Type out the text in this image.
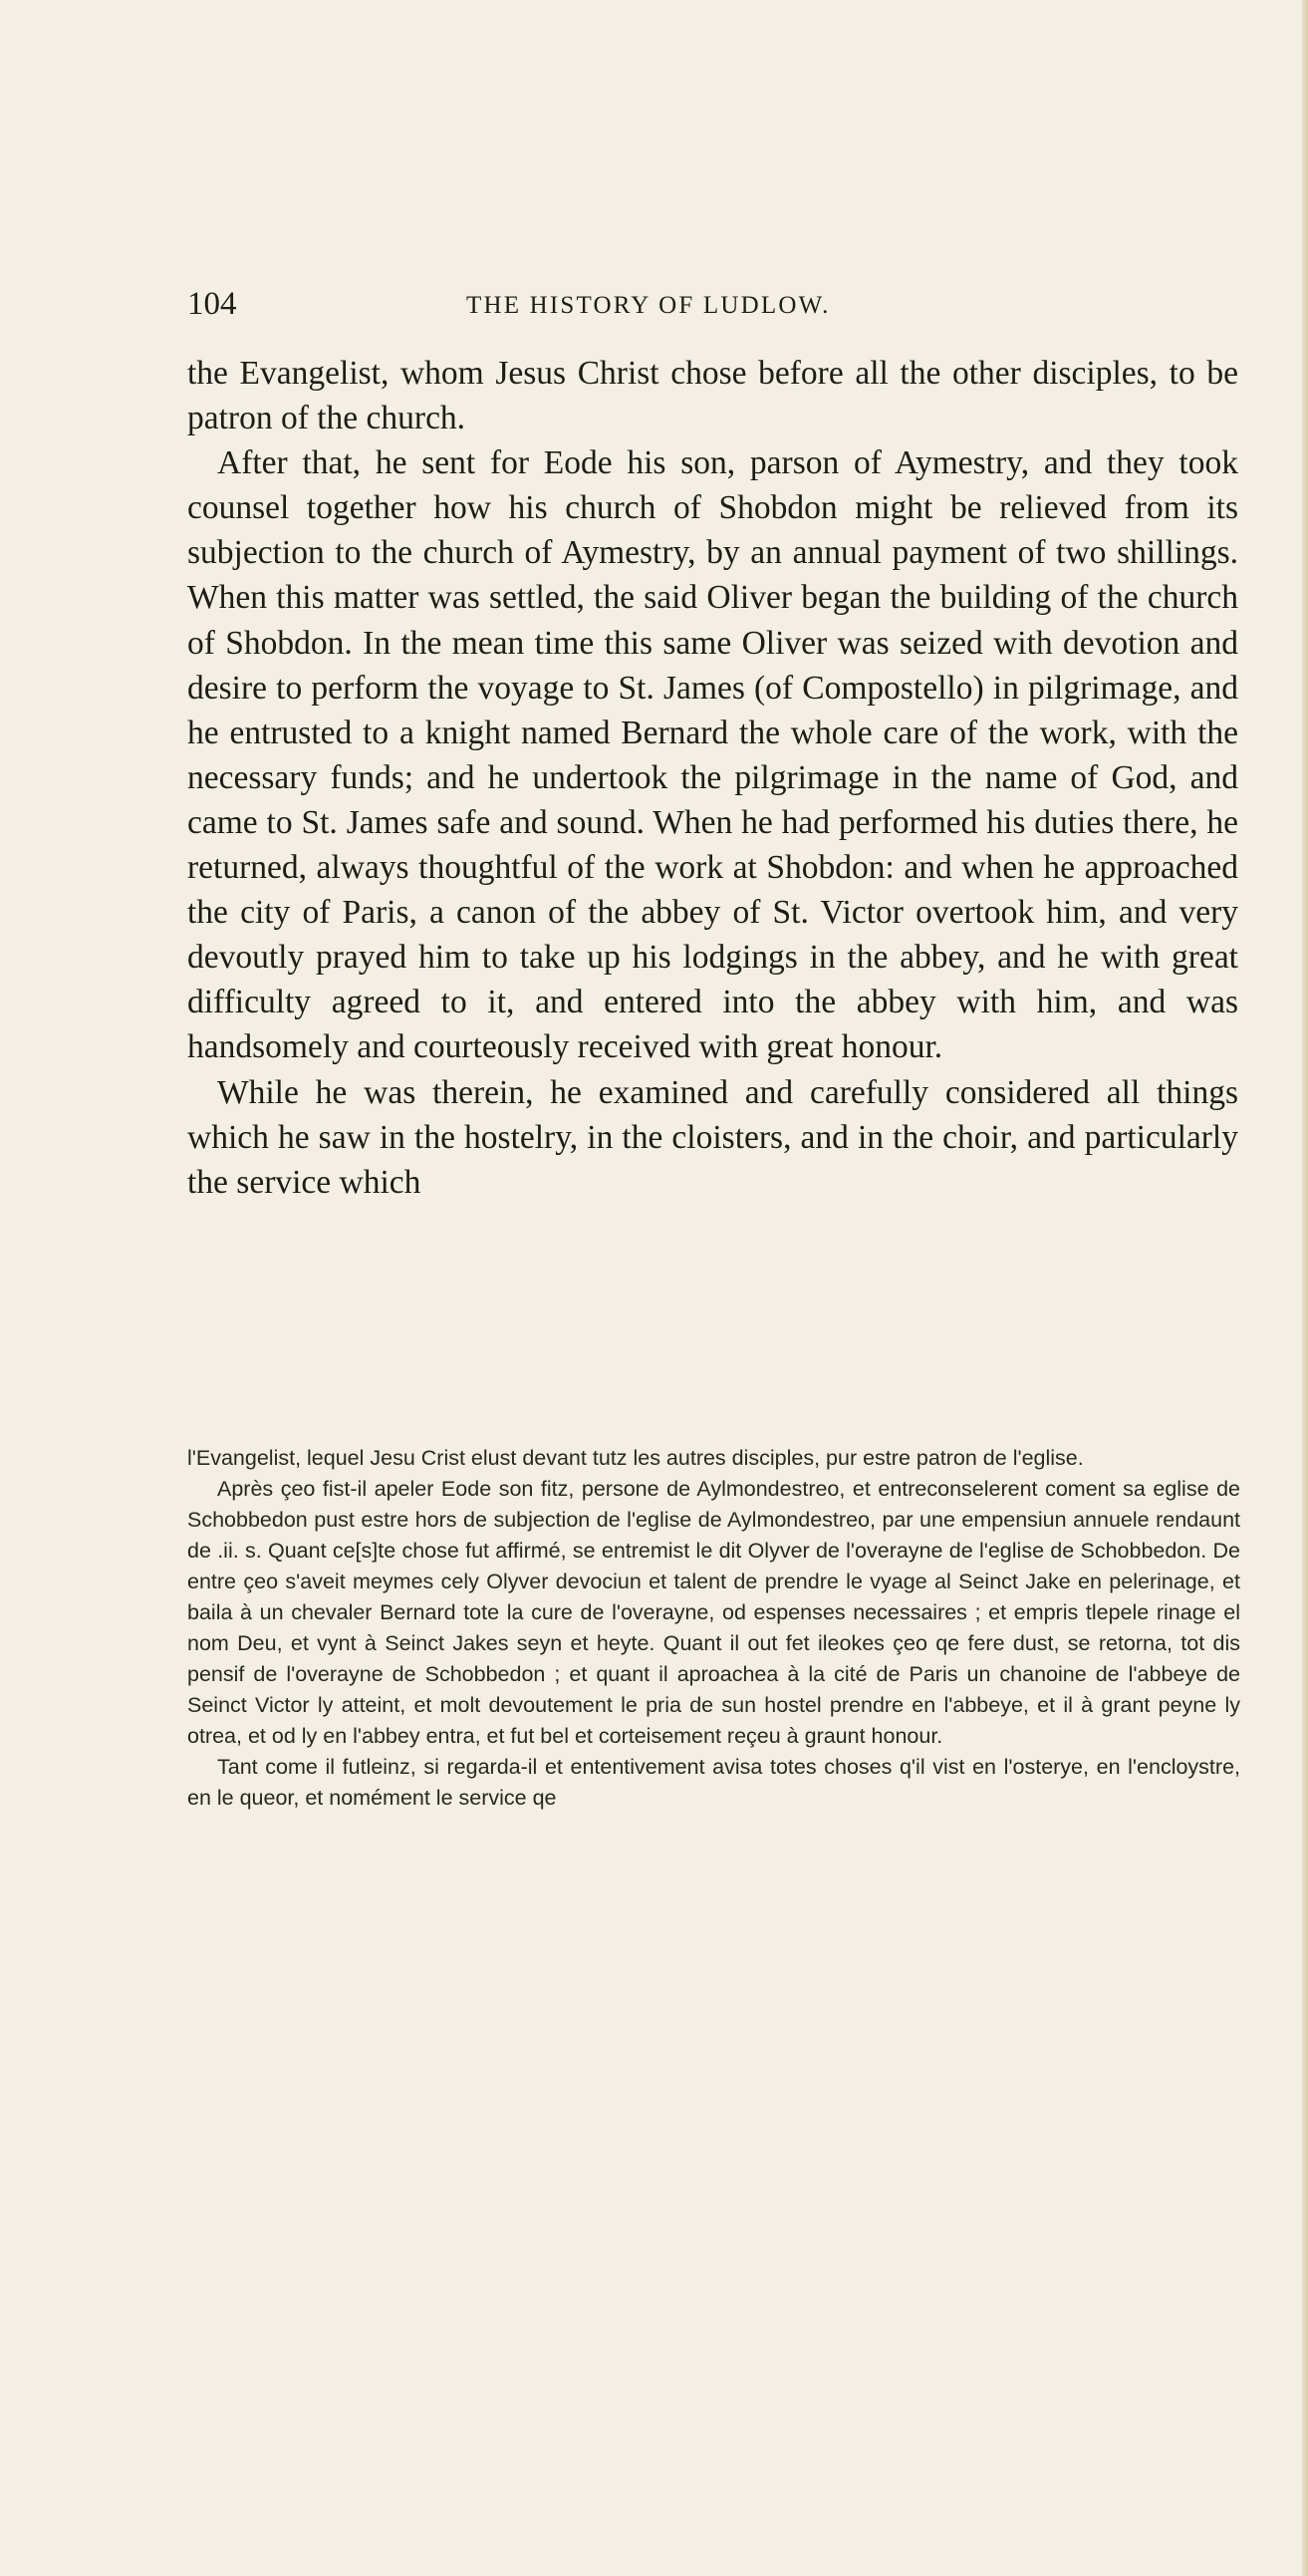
104	THE HISTORY OF LUDLOW.

the Evangelist, whom Jesus Christ chose before all the other disciples, to be patron of the church.

After that, he sent for Eode his son, parson of Aymestry, and they took counsel together how his church of Shobdon might be relieved from its subjection to the church of Aymestry, by an annual payment of two shillings. When this matter was settled, the said Oliver began the building of the church of Shobdon. In the mean time this same Oliver was seized with devotion and desire to perform the voyage to St. James (of Compostello) in pilgrimage, and he entrusted to a knight named Bernard the whole care of the work, with the necessary funds; and he undertook the pilgrimage in the name of God, and came to St. James safe and sound. When he had performed his duties there, he returned, always thoughtful of the work at Shobdon: and when he approached the city of Paris, a canon of the abbey of St. Victor overtook him, and very devoutly prayed him to take up his lodgings in the abbey, and he with great difficulty agreed to it, and entered into the abbey with him, and was handsomely and courteously received with great honour.

While he was therein, he examined and carefully considered all things which he saw in the hostelry, in the cloisters, and in the choir, and particularly the service which

l'Evangelist, lequel Jesu Crist elust devant tutz les autres disciples, pur estre patron de l'eglise.

Après çeo fist-il apeler Eode son fitz, persone de Aylmondestreo, et entreconselerent coment sa eglise de Schobbedon pust estre hors de subjection de l'eglise de Aylmondestreo, par une empensiun annuele rendaunt de .ii. s. Quant ce[s]te chose fut affirmé, se entremist le dit Olyver de l'overayne de l'eglise de Schobbedon. De entre çeo s'aveit meymes cely Olyver devociun et talent de prendre le vyage al Seinct Jake en pelerinage, et baila à un chevaler Bernard tote la cure de l'overayne, od espenses necessaires ; et empris tlepele rinage el nom Deu, et vynt à Seinct Jakes seyn et heyte. Quant il out fet ileokes çeo qe fere dust, se retorna, tot dis pensif de l'overayne de Schobbedon ; et quant il aproachea à la cité de Paris un chanoine de l'abbeye de Seinct Victor ly atteint, et molt devoutement le pria de sun hostel prendre en l'abbeye, et il à grant peyne ly otrea, et od ly en l'abbey entra, et fut bel et corteisement reçeu à graunt honour.

Tant come il futleinz, si regarda-il et ententivement avisa totes choses q'il vist en l'osterye, en l'encloystre, en le queor, et nomément le service qe
